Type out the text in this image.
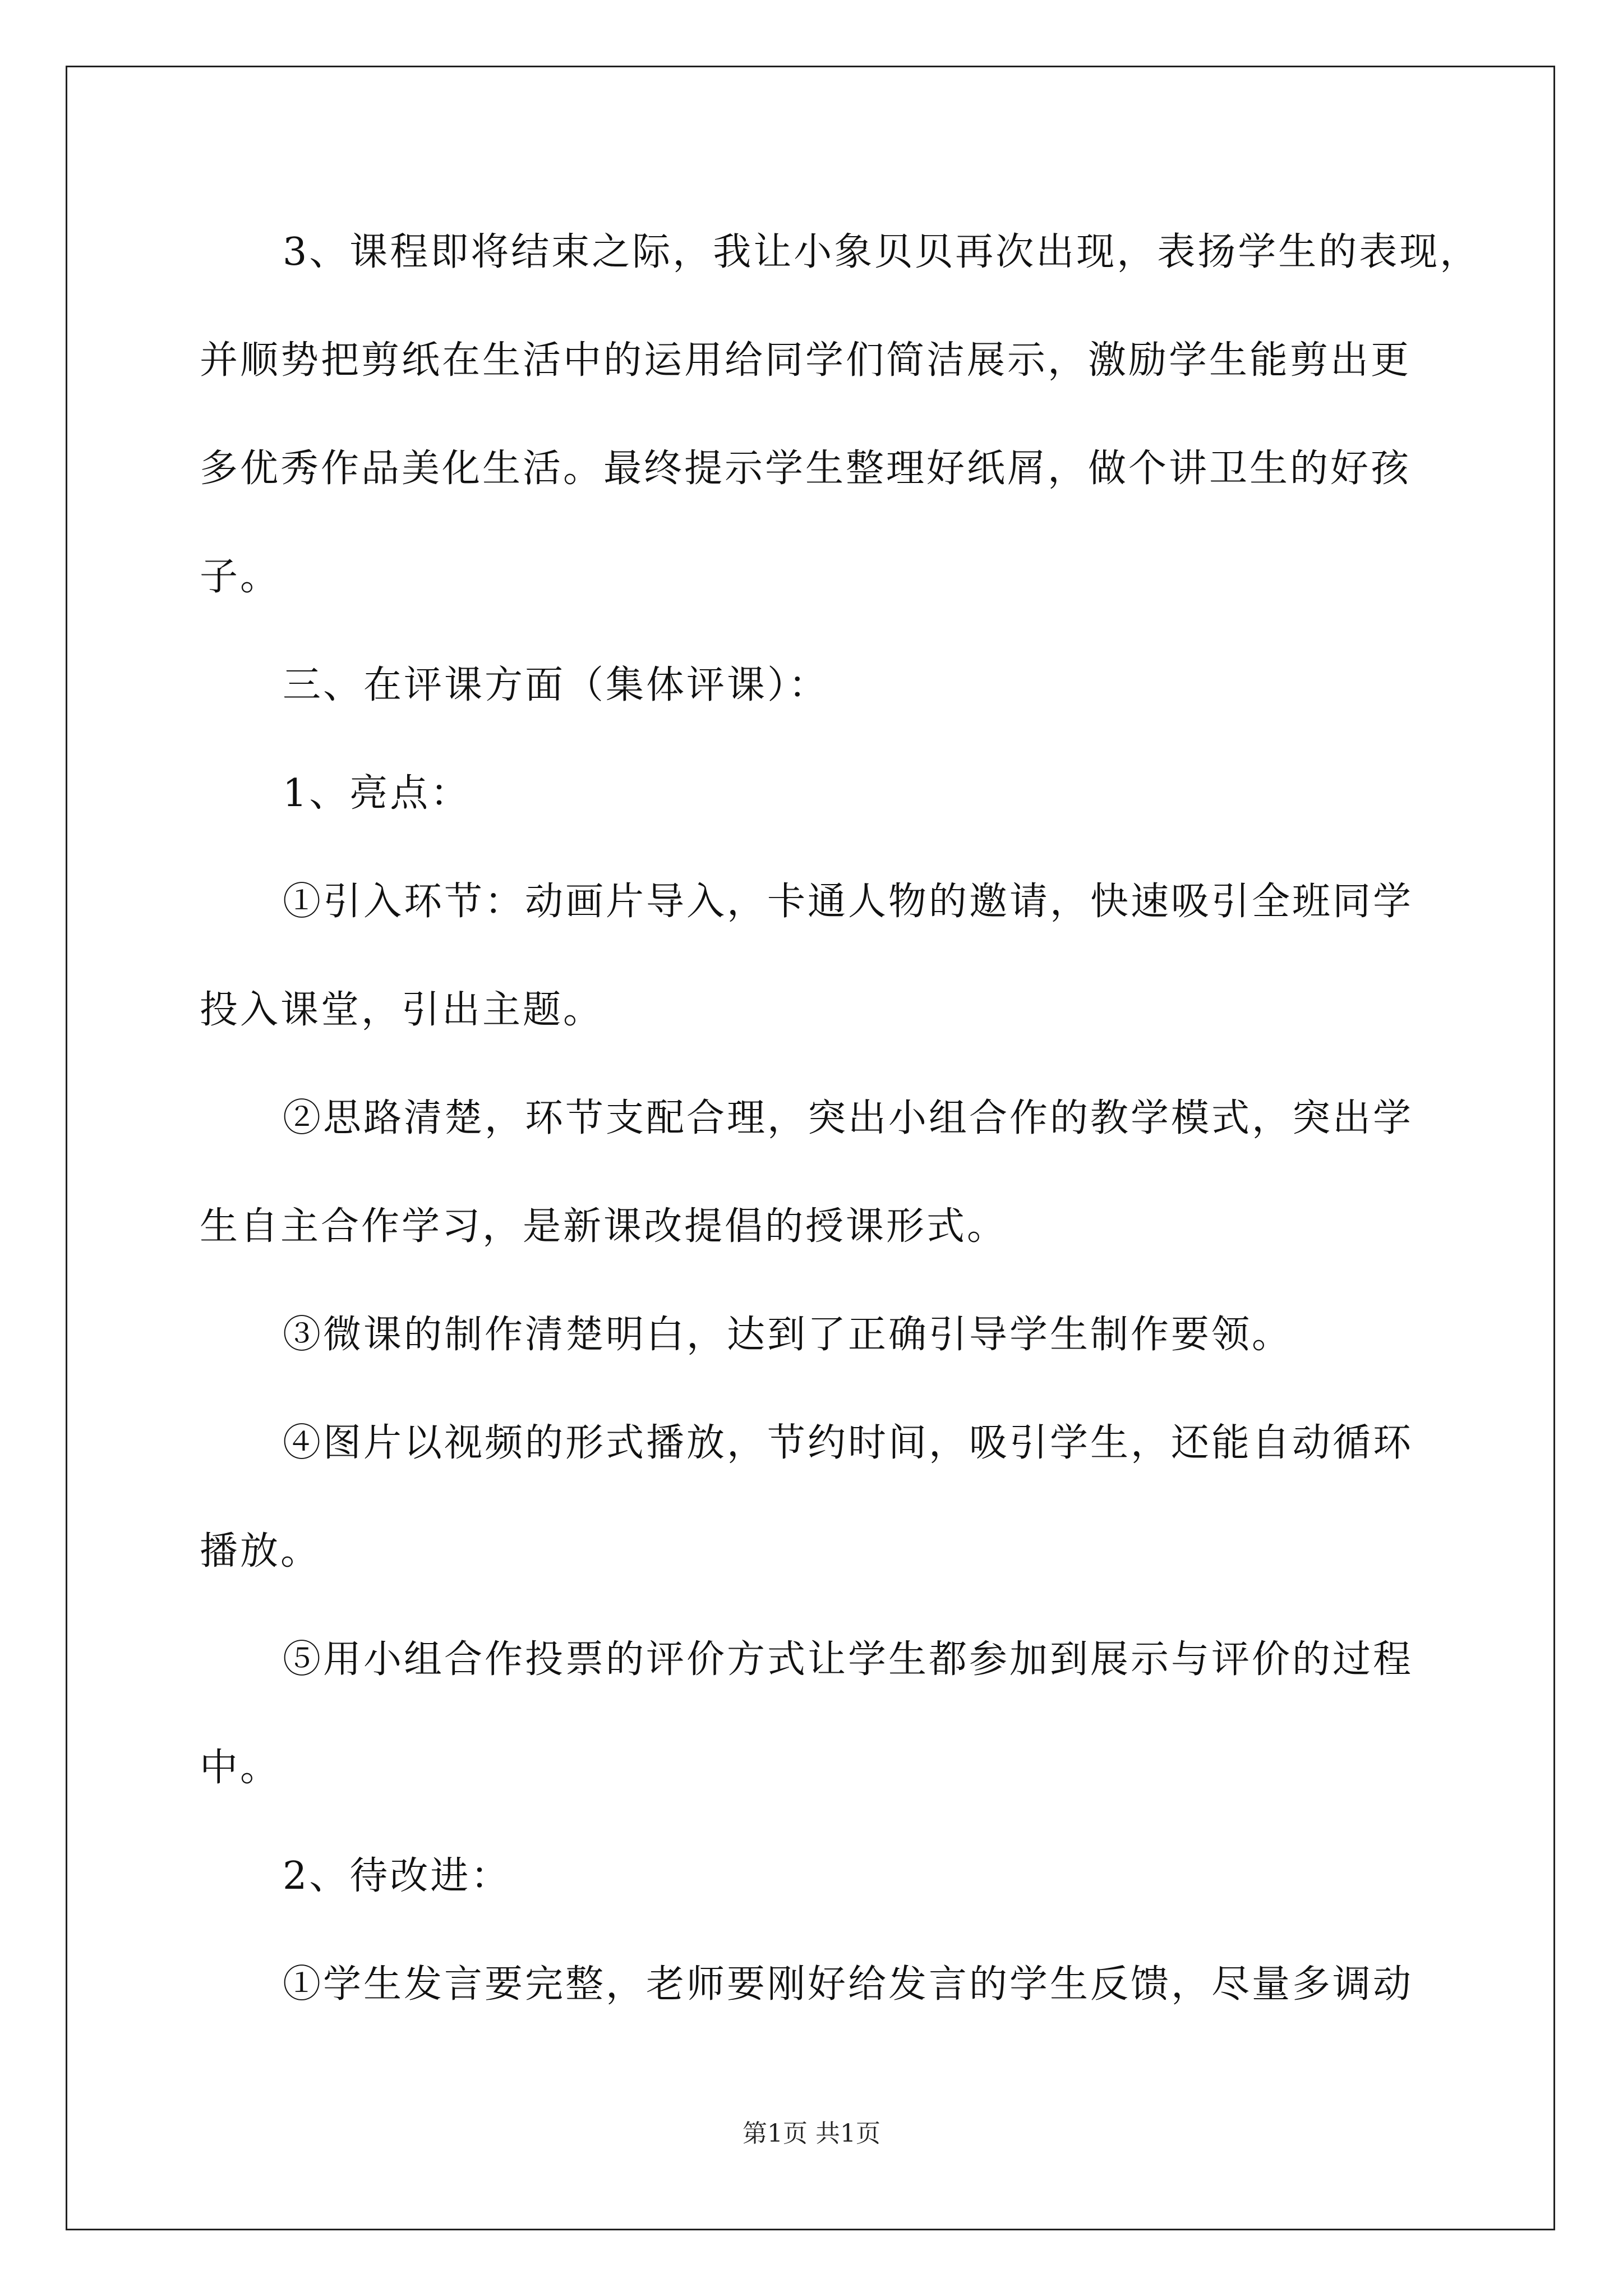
3、课程即将结束之际，我让小象贝贝再次出现，表扬学生的表现，
并顺势把剪纸在生活中的运用给同学们简洁展示，激励学生能剪出更
多优秀作品美化生活。最终提示学生整理好纸屑，做个讲卫生的好孩
子。
三、在评课方面（集体评课）：
1、亮点：
①引入环节：动画片导入，卡通人物的邀请，快速吸引全班同学
投入课堂，引出主题。
②思路清楚，环节支配合理，突出小组合作的教学模式，突出学
生自主合作学习，是新课改提倡的授课形式。
③微课的制作清楚明白，达到了正确引导学生制作要领。
④图片以视频的形式播放，节约时间，吸引学生，还能自动循环
播放。
⑤用小组合作投票的评价方式让学生都参加到展示与评价的过程
中。
2、待改进：
①学生发言要完整，老师要刚好给发言的学生反馈，尽量多调动
第1页 共1页
